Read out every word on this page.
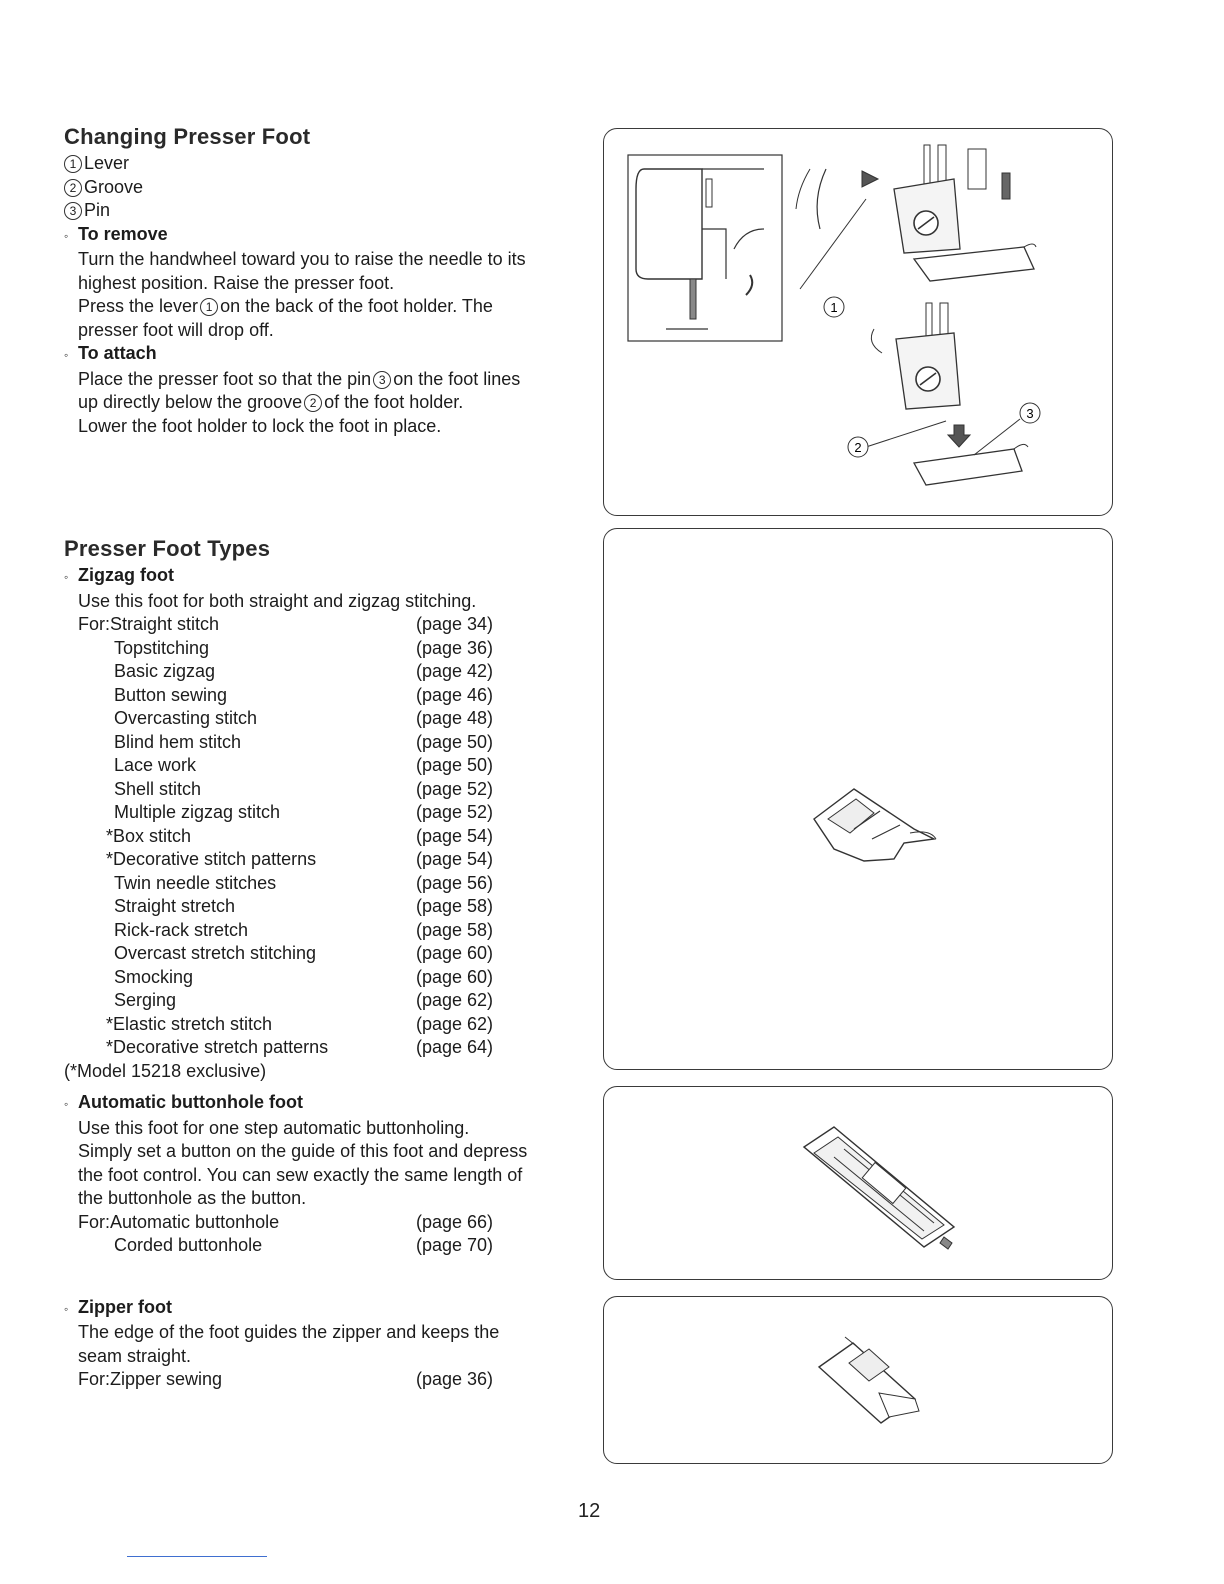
Changing Presser Foot
1 Lever
2 Groove
3 Pin
◦ To remove
Turn the handwheel toward you to raise the needle to its
highest position. Raise the presser foot.
Press the lever 1 on the back of the foot holder. The
presser foot will drop off.
◦ To attach
Place the presser foot so that the pin 3 on the foot lines
up directly below the groove 2 of the foot holder.
Lower the foot holder to lock the foot in place.
Presser Foot Types
◦ Zigzag foot
Use this foot for both straight and zigzag stitching.
For:Straight stitch	(page 34)
Topstitching	(page 36)
Basic zigzag	(page 42)
Button sewing	(page 46)
Overcasting stitch	(page 48)
Blind hem stitch	(page 50)
Lace work	(page 50)
Shell stitch	(page 52)
Multiple zigzag stitch	(page 52)
*Box stitch	(page 54)
*Decorative stitch patterns	(page 54)
Twin needle stitches	(page 56)
Straight stretch	(page 58)
Rick-rack stretch	(page 58)
Overcast stretch stitching	(page 60)
Smocking	(page 60)
Serging	(page 62)
*Elastic stretch stitch	(page 62)
*Decorative stretch patterns	(page 64)
(*Model 15218 exclusive)
◦ Automatic buttonhole foot
Use this foot for one step automatic buttonholing.
Simply set a button on the guide of this foot and depress
the foot control. You can sew exactly the same length of
the buttonhole as the button.
For:Automatic buttonhole	(page 66)
Corded buttonhole	(page 70)
◦ Zipper foot
The edge of the foot guides the zipper and keeps the
seam straight.
For:Zipper sewing	(page 36)
1
2
3
12
